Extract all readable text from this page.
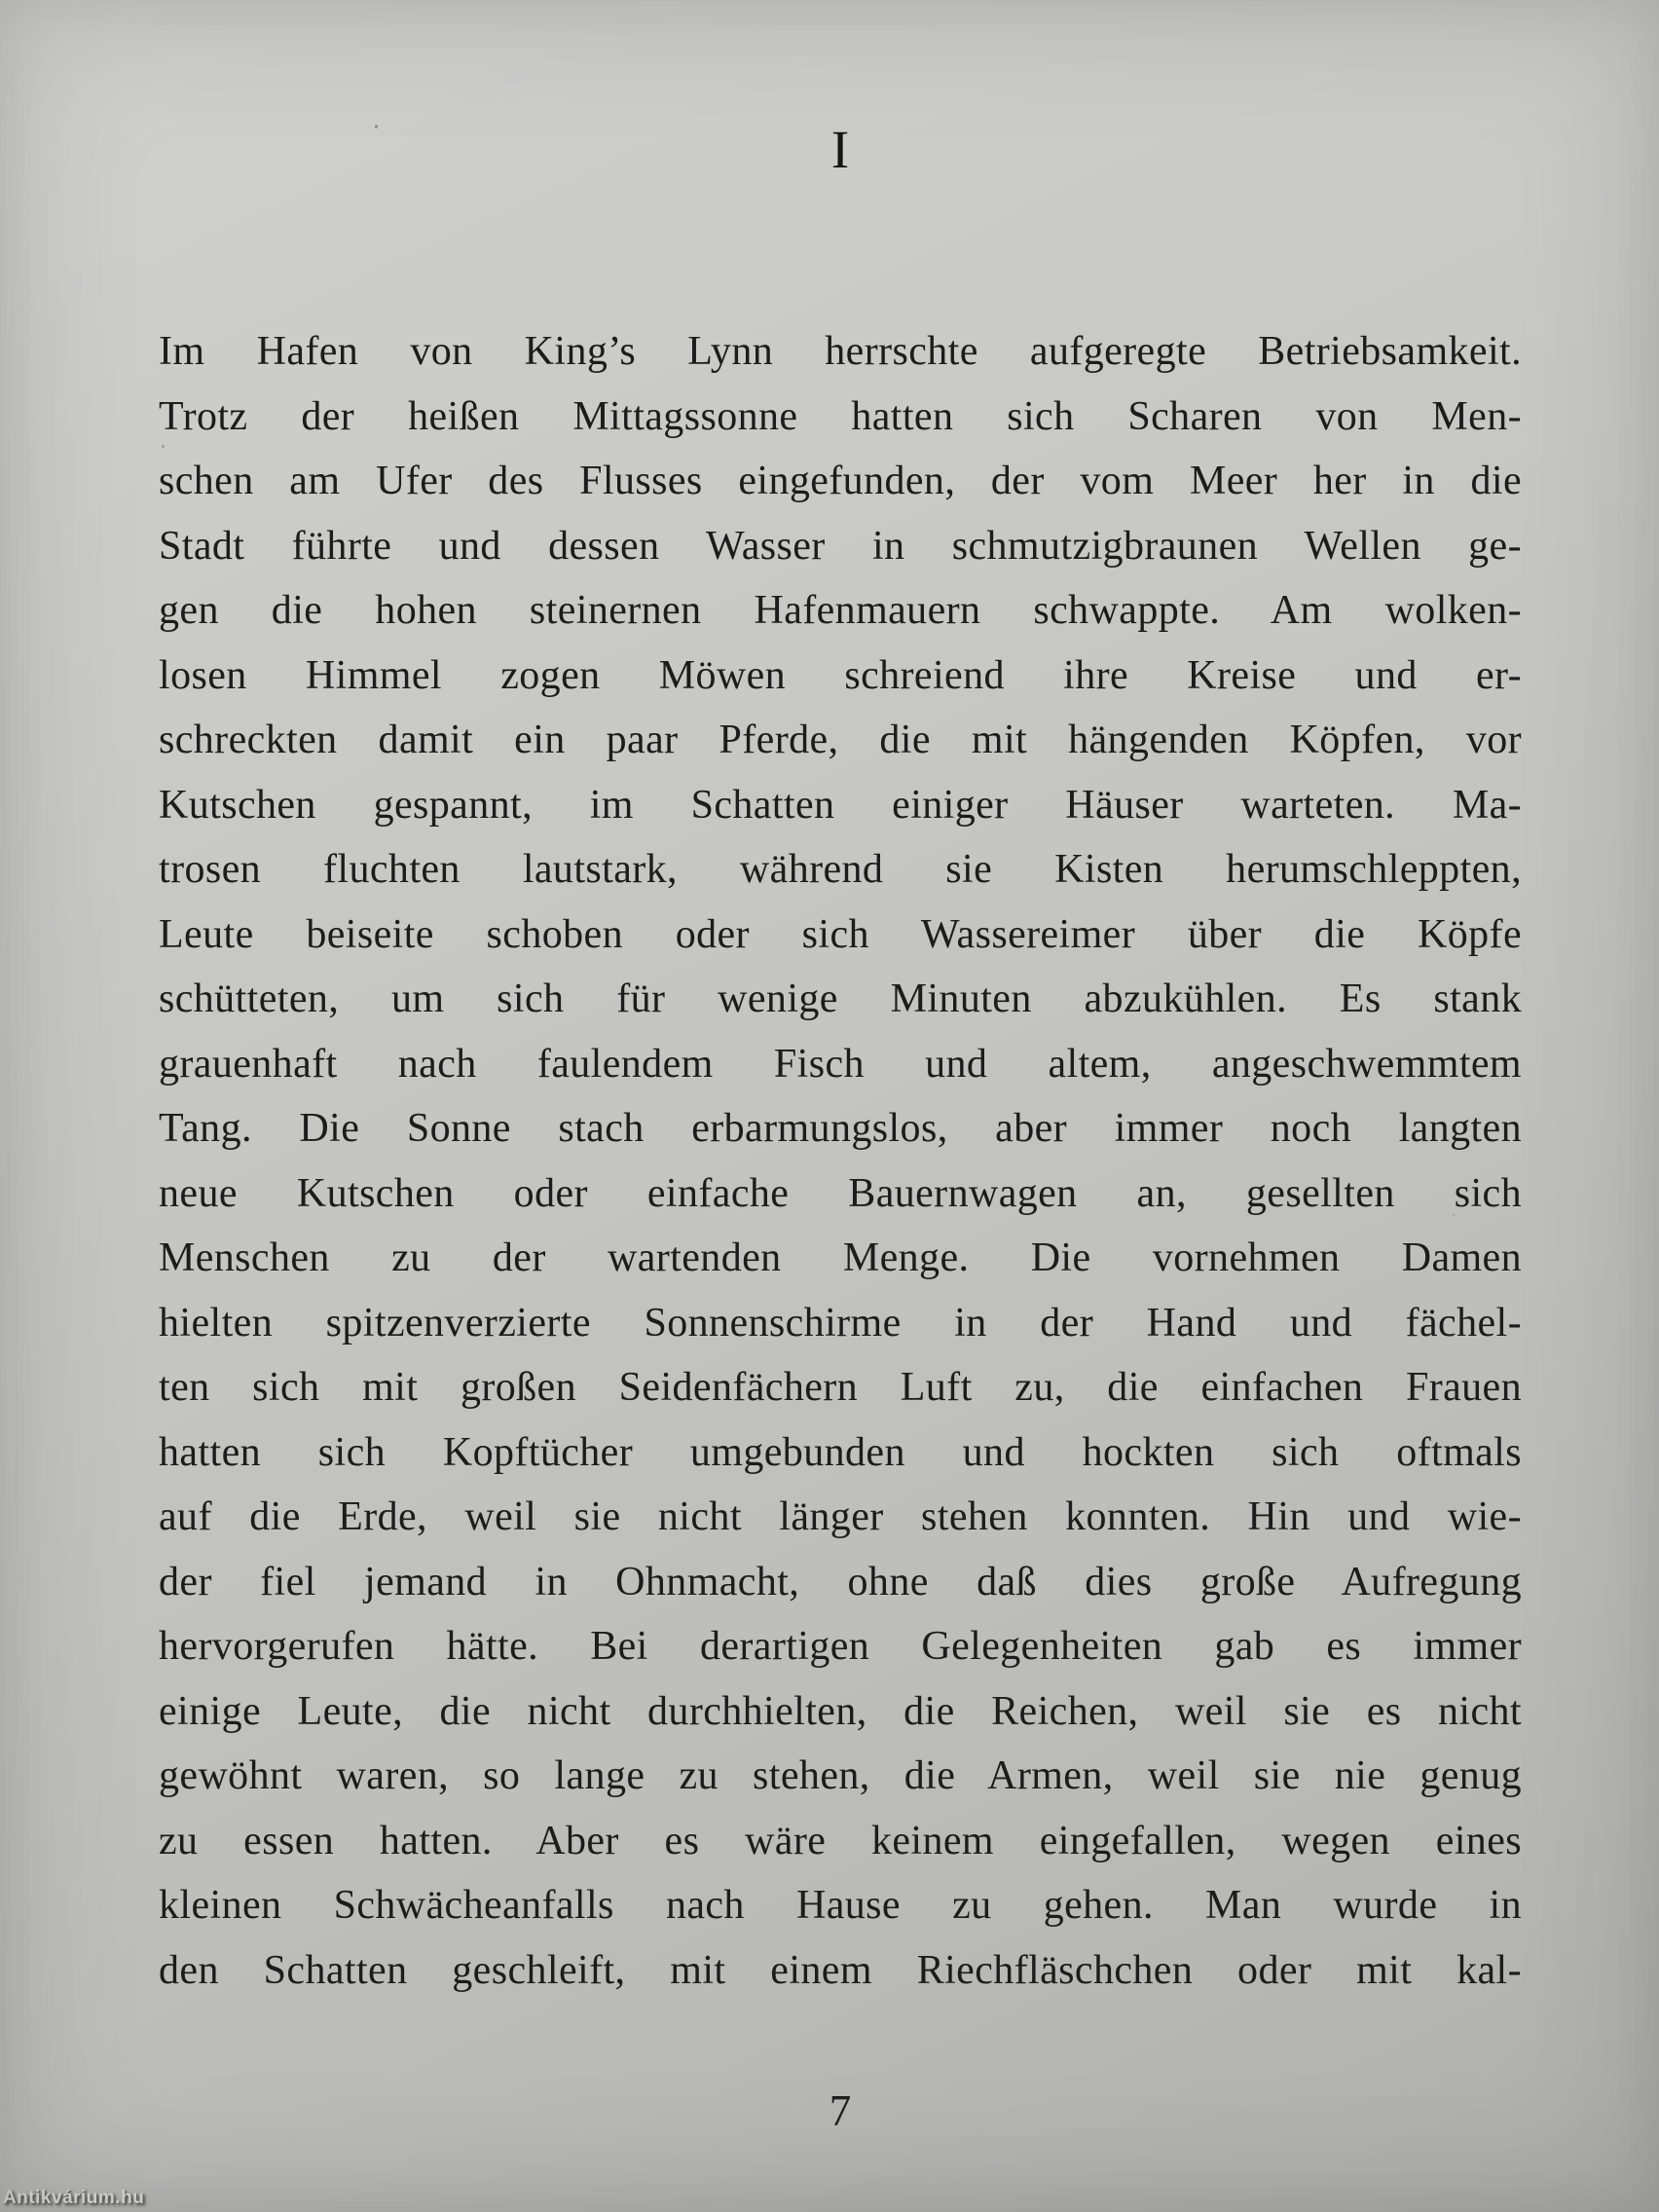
I
Im Hafen von King’s Lynn herrschte aufgeregte Betriebsamkeit.
Trotz der heißen Mittagssonne hatten sich Scharen von Men-
schen am Ufer des Flusses eingefunden, der vom Meer her in die
Stadt führte und dessen Wasser in schmutzigbraunen Wellen ge-
gen die hohen steinernen Hafenmauern schwappte. Am wolken-
losen Himmel zogen Möwen schreiend ihre Kreise und er-
schreckten damit ein paar Pferde, die mit hängenden Köpfen, vor
Kutschen gespannt, im Schatten einiger Häuser warteten. Ma-
trosen fluchten lautstark, während sie Kisten herumschleppten,
Leute beiseite schoben oder sich Wassereimer über die Köpfe
schütteten, um sich für wenige Minuten abzukühlen. Es stank
grauenhaft nach faulendem Fisch und altem, angeschwemmtem
Tang. Die Sonne stach erbarmungslos, aber immer noch langten
neue Kutschen oder einfache Bauernwagen an, gesellten sich
Menschen zu der wartenden Menge. Die vornehmen Damen
hielten spitzenverzierte Sonnenschirme in der Hand und fächel-
ten sich mit großen Seidenfächern Luft zu, die einfachen Frauen
hatten sich Kopftücher umgebunden und hockten sich oftmals
auf die Erde, weil sie nicht länger stehen konnten. Hin und wie-
der fiel jemand in Ohnmacht, ohne daß dies große Aufregung
hervorgerufen hätte. Bei derartigen Gelegenheiten gab es immer
einige Leute, die nicht durchhielten, die Reichen, weil sie es nicht
gewöhnt waren, so lange zu stehen, die Armen, weil sie nie genug
zu essen hatten. Aber es wäre keinem eingefallen, wegen eines
kleinen Schwächeanfalls nach Hause zu gehen. Man wurde in
den Schatten geschleift, mit einem Riechfläschchen oder mit kal-
7
Antikvárium.hu
